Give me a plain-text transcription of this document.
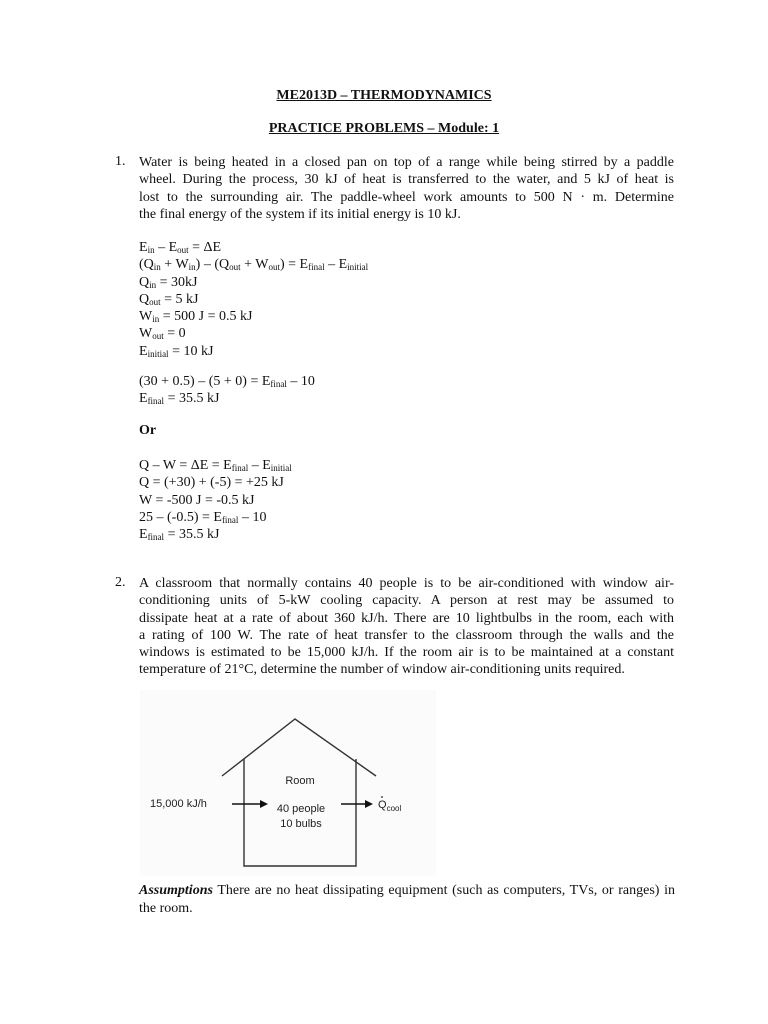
ME2013D – THERMODYNAMICS
PRACTICE PROBLEMS – Module: 1
1. Water is being heated in a closed pan on top of a range while being stirred by a paddle
wheel. During the process, 30 kJ of heat is transferred to the water, and 5 kJ of heat is
lost to the surrounding air. The paddle-wheel work amounts to 500 N · m. Determine
the final energy of the system if its initial energy is 10 kJ.
$E_{in} - E_{out} = \Delta E$
$(Q_{in} + W_{in}) - (Q_{out} + W_{out}) = E_{final} - E_{initial}$
$Q_{in} = 30kJ$
$Q_{out} = 5$ kJ
$W_{in} = 500$ J = 0.5 kJ
$W_{out} = 0$
$E_{initial} = 10$ kJ
$(30 + 0.5) - (5 + 0) = E_{final} - 10$
$E_{final} = 35.5$ kJ
Or
$Q - W = \Delta E = E_{final} - E_{initial}$
Q = (+30) + (-5) = +25 kJ
W = -500 J = -0.5 kJ
$25 - (-0.5) = E_{final} - 10$
$E_{final} = 35.5$ kJ
2. A classroom that normally contains 40 people is to be air-conditioned with window air-
conditioning units of 5-kW cooling capacity. A person at rest may be assumed to
dissipate heat at a rate of about 360 kJ/h. There are 10 lightbulbs in the room, each with
a rating of 100 W. The rate of heat transfer to the classroom through the walls and the
windows is estimated to be 15,000 kJ/h. If the room air is to be maintained at a constant
temperature of 21°C, determine the number of window air-conditioning units required.
Room
15,000 kJ/h	40 people
10 bulbs
$Q_{cool}$
Assumptions There are no heat dissipating equipment (such as computers, TVs, or ranges) in the room.
